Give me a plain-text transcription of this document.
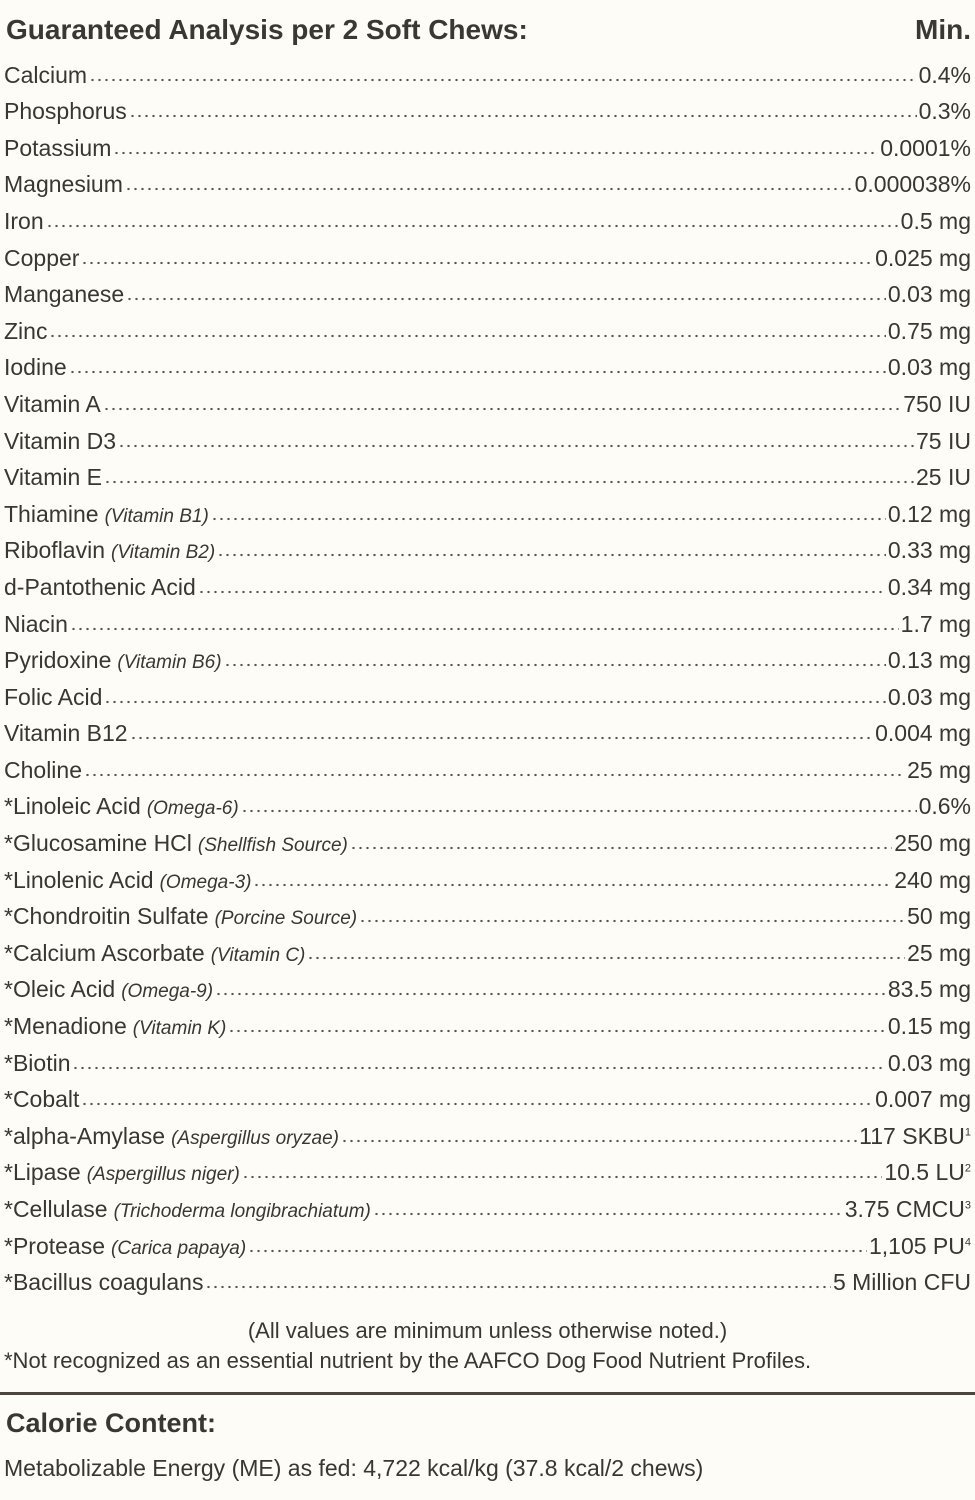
Guaranteed Analysis per 2 Soft Chews:	Min.
Calcium	0.4%
Phosphorus	0.3%
Potassium	0.0001%
Magnesium	0.000038%
Iron	0.5 mg
Copper	0.025 mg
Manganese	0.03 mg
Zinc	0.75 mg
Iodine	0.03 mg
Vitamin A	750 IU
Vitamin D3	75 IU
Vitamin E	25 IU
Thiamine (Vitamin B1)	0.12 mg
Riboflavin (Vitamin B2)	0.33 mg
d-Pantothenic Acid	0.34 mg
Niacin	1.7 mg
Pyridoxine (Vitamin B6)	0.13 mg
Folic Acid	0.03 mg
Vitamin B12	0.004 mg
Choline	25 mg
*Linoleic Acid (Omega-6)	0.6%
*Glucosamine HCl (Shellfish Source)	250 mg
*Linolenic Acid (Omega-3)	240 mg
*Chondroitin Sulfate (Porcine Source)	50 mg
*Calcium Ascorbate (Vitamin C)	25 mg
*Oleic Acid (Omega-9)	83.5 mg
*Menadione (Vitamin K)	0.15 mg
*Biotin	0.03 mg
*Cobalt	0.007 mg
*alpha-Amylase (Aspergillus oryzae)	117 SKBU$^1$
*Lipase (Aspergillus niger)	10.5 $LU^2$
*Cellulase (Trichoderma longibrachiatum)	3.75 CMCU$^3$
*Protease (Carica papaya)	1,105 $PU^4$
*Bacillus coagulans	5 Million CFU
(All values are minimum unless otherwise noted.)
*Not recognized as an essential nutrient by the AAFCO Dog Food Nutrient Profiles.
Calorie Content:
Metabolizable Energy (ME) as fed: 4,722 kcal/kg (37.8 kcal/2 chews)
